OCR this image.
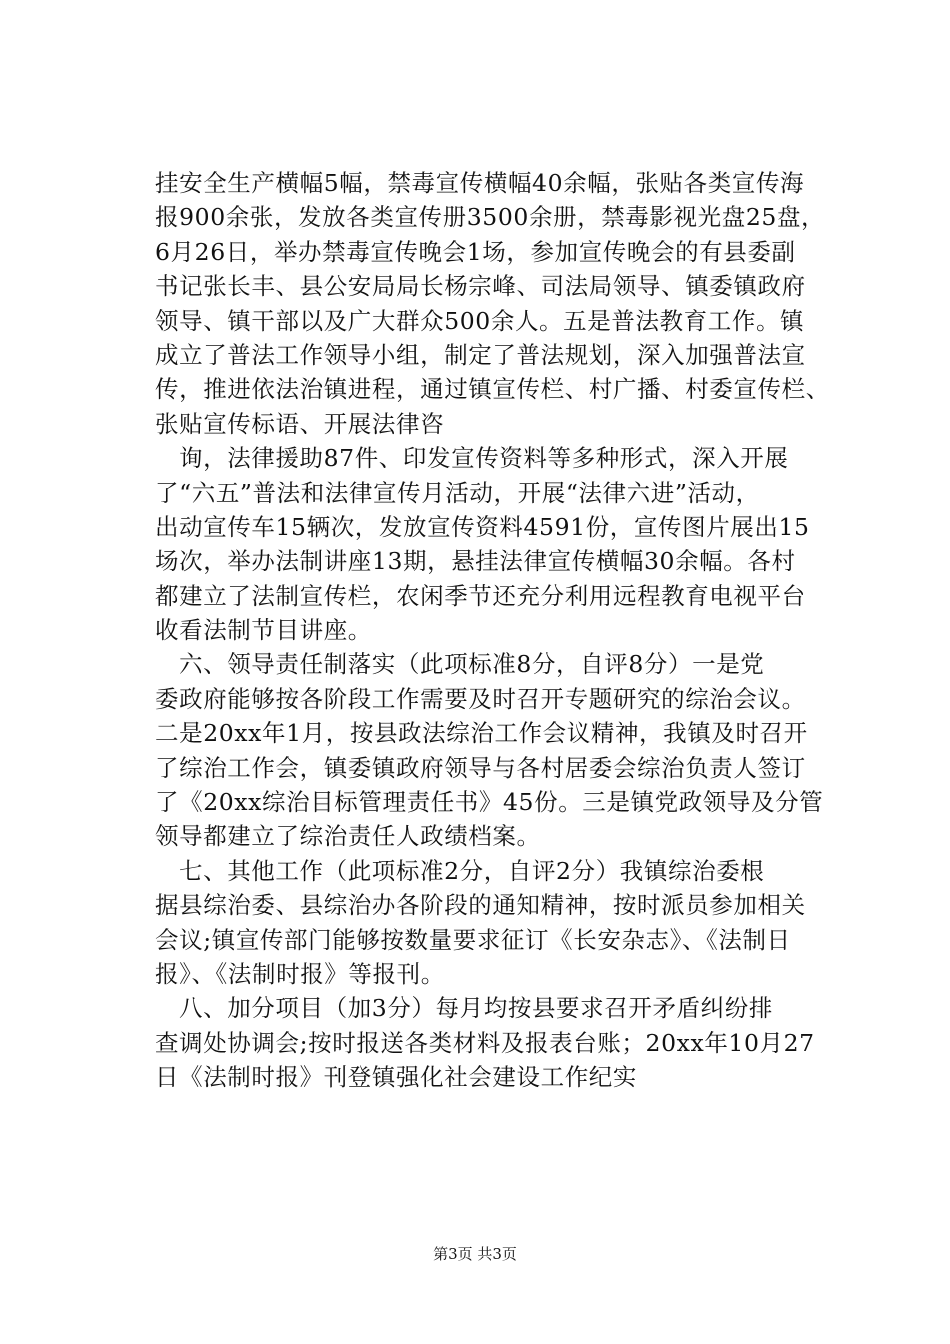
挂安全生产横幅5幅，禁毒宣传横幅40余幅，张贴各类宣传海
报900余张，发放各类宣传册3500余册，禁毒影视光盘25盘，
6月26日，举办禁毒宣传晚会1场，参加宣传晚会的有县委副
书记张长丰、县公安局局长杨宗峰、司法局领导、镇委镇政府
领导、镇干部以及广大群众500余人。五是普法教育工作。镇
成立了普法工作领导小组，制定了普法规划，深入加强普法宣
传，推进依法治镇进程，通过镇宣传栏、村广播、村委宣传栏、
张贴宣传标语、开展法律咨
询，法律援助87件、印发宣传资料等多种形式，深入开展
了“六五”普法和法律宣传月活动，开展“法律六进”活动，
出动宣传车15辆次，发放宣传资料4591份，宣传图片展出15
场次，举办法制讲座13期，悬挂法律宣传横幅30余幅。各村
都建立了法制宣传栏，农闲季节还充分利用远程教育电视平台
收看法制节目讲座。
六、领导责任制落实（此项标准8分，自评8分）一是党
委政府能够按各阶段工作需要及时召开专题研究的综治会议。
二是20xx年1月，按县政法综治工作会议精神，我镇及时召开
了综治工作会，镇委镇政府领导与各村居委会综治负责人签订
了《20xx综治目标管理责任书》45份。三是镇党政领导及分管
领导都建立了综治责任人政绩档案。
七、其他工作（此项标准2分，自评2分）我镇综治委根
据县综治委、县综治办各阶段的通知精神，按时派员参加相关
会议;镇宣传部门能够按数量要求征订《长安杂志》、《法制日
报》、《法制时报》等报刊。
八、加分项目（加3分）每月均按县要求召开矛盾纠纷排
查调处协调会;按时报送各类材料及报表台账；20xx年10月27
日《法制时报》刊登镇强化社会建设工作纪实
第3页 共3页
